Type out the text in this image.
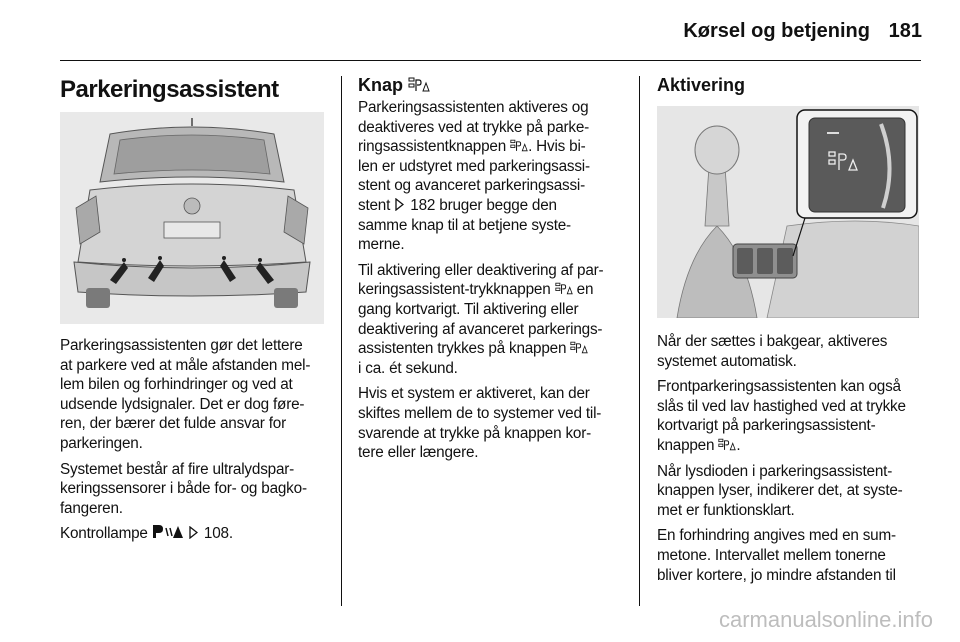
Kørsel og betjening 181
Parkeringsassistent

Parkeringsassistenten gør det lettere
at parkere ved at måle afstanden mel-
lem bilen og forhindringer og ved at
udsende lydsignaler. Det er dog føre-
ren, der bærer det fulde ansvar for
parkeringen.

Systemet består af fire ultralydspar-
keringssensorer i både for- og bagko-
fangeren.

Kontrollampe	108.

Knap

Parkeringsassistenten aktiveres og
deaktiveres ved at trykke på parke-
ringsassistentknappen . Hvis bi-
len er udstyret med parkeringsassi-
stent og avanceret parkeringsassi-
stent 182 bruger begge den
samme knap til at betjene syste-
merne.

Til aktivering eller deaktivering af par-
keringsassistent-trykknappen en
gang kortvarigt. Til aktivering eller
deaktivering af avanceret parkerings-
assistenten trykkes på knappen
i ca. ét sekund.

Hvis et system er aktiveret, kan der
skiftes mellem de to systemer ved til-
svarende at trykke på knappen kor-
tere eller længere.

Aktivering

Når der sættes i bakgear, aktiveres
systemet automatisk.

Frontparkeringsassistenten kan også
slås til ved lav hastighed ved at trykke
kortvarigt på parkeringsassistent-
knappen .

Når lysdioden i parkeringsassistent-
knappen lyser, indikerer det, at syste-
met er funktionsklart.

En forhindring angives med en sum-
metone. Intervallet mellem tonerne
bliver kortere, jo mindre afstanden til

carmanualsonline.info
